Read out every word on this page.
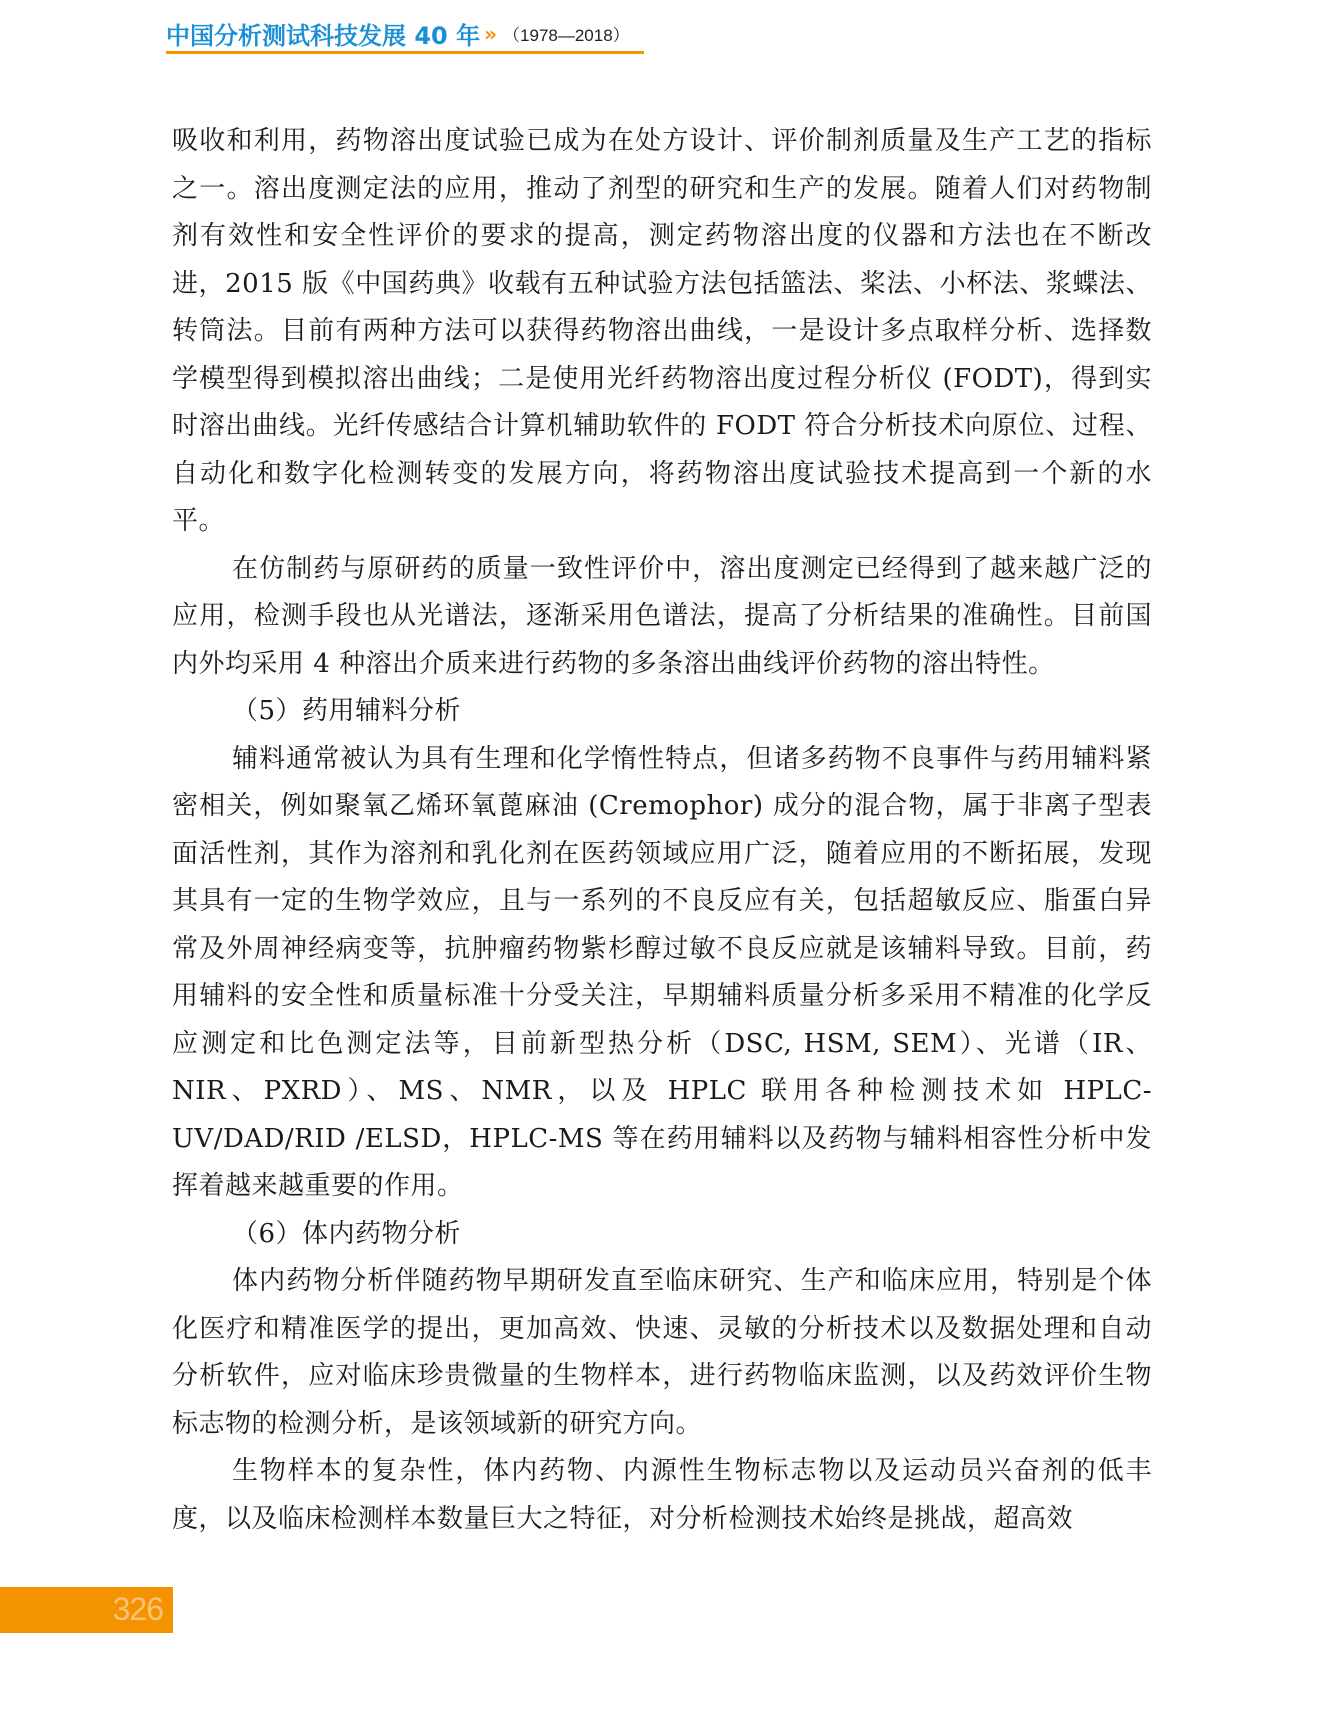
中国分析测试科技发展 40 年 » （1978—2018）

吸收和利用，药物溶出度试验已成为在处方设计、评价制剂质量及生产工艺的指标之一。溶出度测定法的应用，推动了剂型的研究和生产的发展。随着人们对药物制剂有效性和安全性评价的要求的提高，测定药物溶出度的仪器和方法也在不断改进，2015 版《中国药典》收载有五种试验方法包括篮法、桨法、小杯法、浆蝶法、转筒法。目前有两种方法可以获得药物溶出曲线，一是设计多点取样分析、选择数学模型得到模拟溶出曲线；二是使用光纤药物溶出度过程分析仪 (FODT)，得到实时溶出曲线。光纤传感结合计算机辅助软件的 FODT 符合分析技术向原位、过程、自动化和数字化检测转变的发展方向，将药物溶出度试验技术提高到一个新的水平。

在仿制药与原研药的质量一致性评价中，溶出度测定已经得到了越来越广泛的应用，检测手段也从光谱法，逐渐采用色谱法，提高了分析结果的准确性。目前国内外均采用 4 种溶出介质来进行药物的多条溶出曲线评价药物的溶出特性。

（5）药用辅料分析

辅料通常被认为具有生理和化学惰性特点，但诸多药物不良事件与药用辅料紧密相关，例如聚氧乙烯环氧蓖麻油 (Cremophor) 成分的混合物，属于非离子型表面活性剂，其作为溶剂和乳化剂在医药领域应用广泛，随着应用的不断拓展，发现其具有一定的生物学效应，且与一系列的不良反应有关，包括超敏反应、脂蛋白异常及外周神经病变等，抗肿瘤药物紫杉醇过敏不良反应就是该辅料导致。目前，药用辅料的安全性和质量标准十分受关注，早期辅料质量分析多采用不精准的化学反应测定和比色测定法等，目前新型热分析（DSC, HSM, SEM）、光谱（IR、NIR、PXRD）、MS、NMR，以及 HPLC 联用各种检测技术如 HPLC-UV/DAD/RID /ELSD，HPLC-MS 等在药用辅料以及药物与辅料相容性分析中发挥着越来越重要的作用。

（6）体内药物分析

体内药物分析伴随药物早期研发直至临床研究、生产和临床应用，特别是个体化医疗和精准医学的提出，更加高效、快速、灵敏的分析技术以及数据处理和自动分析软件，应对临床珍贵微量的生物样本，进行药物临床监测，以及药效评价生物标志物的检测分析，是该领域新的研究方向。

生物样本的复杂性，体内药物、内源性生物标志物以及运动员兴奋剂的低丰度，以及临床检测样本数量巨大之特征，对分析检测技术始终是挑战，超高效

326
